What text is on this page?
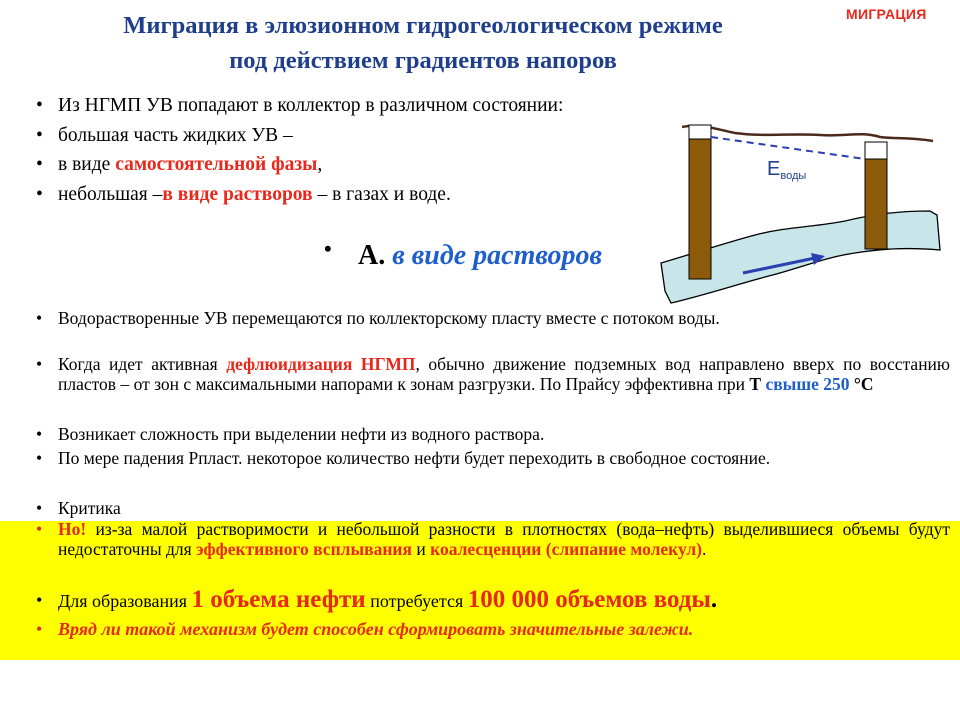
МИГРАЦИЯ
Миграция в элюзионном гидрогеологическом режиме
под действием градиентов напоров
• Из НГМП УВ попадают в коллектор в различном состоянии:
• большая часть жидких УВ –
• в виде самостоятельной фазы,
• небольшая –в виде растворов – в газах и воде.
$E_{воды}$
• А. в виде растворов
• Водорастворенные УВ перемещаются по коллекторскому пласту вместе с потоком воды.
• Когда идет активная дефлюидизация НГМП, обычно движение подземных вод направлено вверх по восстанию пластов – от зон с максимальными напорами к зонам разгрузки. По Прайсу эффективна при Т свыше 250 °С
• Возникает сложность при выделении нефти из водного раствора.
• По мере падения Рпласт. некоторое количество нефти будет переходить в свободное состояние.
• Критика
• Но! из-за малой растворимости и небольшой разности в плотностях (вода–нефть) выделившиеся объемы будут недостаточны для эффективного всплывания и коалесценции (слипание молекул).
• Для образования 1 объема нефти потребуется 100 000 объемов воды.
• Вряд ли такой механизм будет способен сформировать значительные залежи.
